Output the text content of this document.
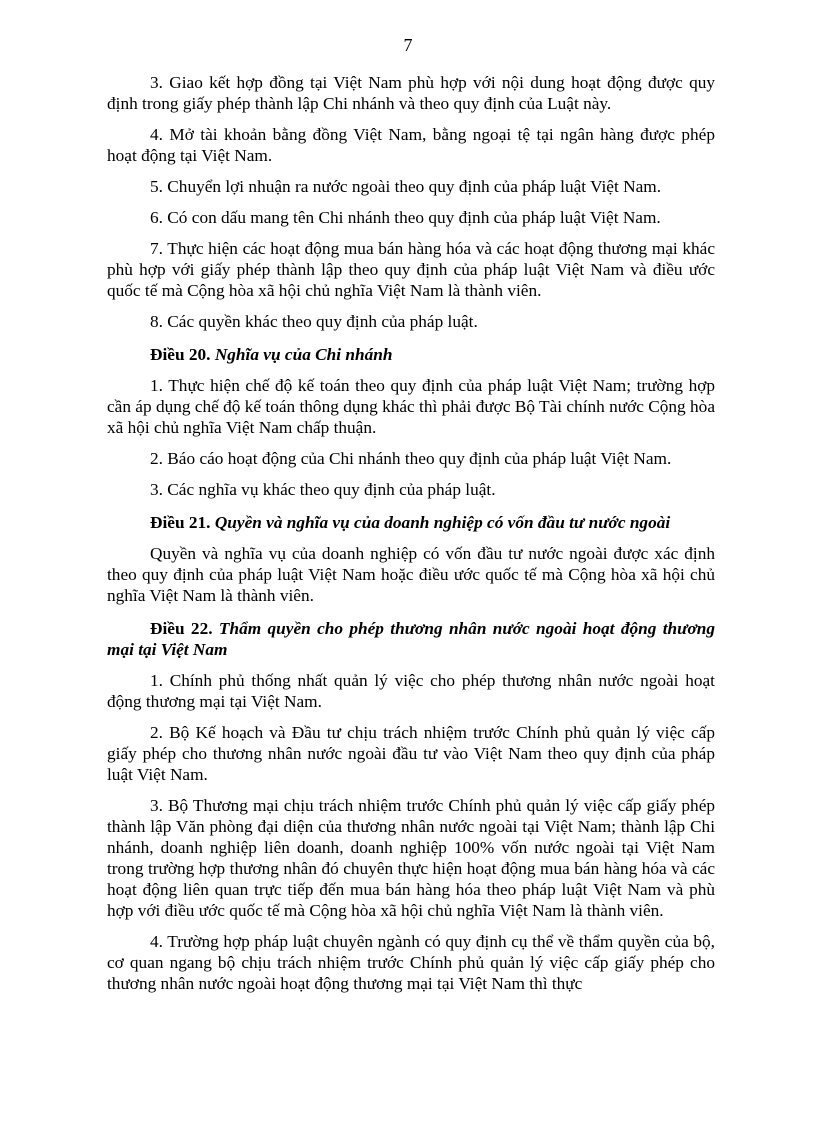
7

3. Giao kết hợp đồng tại Việt Nam phù hợp với nội dung hoạt động được quy định trong giấy phép thành lập Chi nhánh và theo quy định của Luật này.

4. Mở tài khoản bằng đồng Việt Nam, bằng ngoại tệ tại ngân hàng được phép hoạt động tại Việt Nam.

5. Chuyển lợi nhuận ra nước ngoài theo quy định của pháp luật Việt Nam.

6. Có con dấu mang tên Chi nhánh theo quy định của pháp luật Việt Nam.

7. Thực hiện các hoạt động mua bán hàng hóa và các hoạt động thương mại khác phù hợp với giấy phép thành lập theo quy định của pháp luật Việt Nam và điều ước quốc tế mà Cộng hòa xã hội chủ nghĩa Việt Nam là thành viên.

8. Các quyền khác theo quy định của pháp luật.

Điều 20. Nghĩa vụ của Chi nhánh

1. Thực hiện chế độ kế toán theo quy định của pháp luật Việt Nam; trường hợp cần áp dụng chế độ kế toán thông dụng khác thì phải được Bộ Tài chính nước Cộng hòa xã hội chủ nghĩa Việt Nam chấp thuận.

2. Báo cáo hoạt động của Chi nhánh theo quy định của pháp luật Việt Nam.

3. Các nghĩa vụ khác theo quy định của pháp luật.

Điều 21. Quyền và nghĩa vụ của doanh nghiệp có vốn đầu tư nước ngoài

Quyền và nghĩa vụ của doanh nghiệp có vốn đầu tư nước ngoài được xác định theo quy định của pháp luật Việt Nam hoặc điều ước quốc tế mà Cộng hòa xã hội chủ nghĩa Việt Nam là thành viên.

Điều 22. Thẩm quyền cho phép thương nhân nước ngoài hoạt động thương mại tại Việt Nam

1. Chính phủ thống nhất quản lý việc cho phép thương nhân nước ngoài hoạt động thương mại tại Việt Nam.

2. Bộ Kế hoạch và Đầu tư chịu trách nhiệm trước Chính phủ quản lý việc cấp giấy phép cho thương nhân nước ngoài đầu tư vào Việt Nam theo quy định của pháp luật Việt Nam.

3. Bộ Thương mại chịu trách nhiệm trước Chính phủ quản lý việc cấp giấy phép thành lập Văn phòng đại diện của thương nhân nước ngoài tại Việt Nam; thành lập Chi nhánh, doanh nghiệp liên doanh, doanh nghiệp 100% vốn nước ngoài tại Việt Nam trong trường hợp thương nhân đó chuyên thực hiện hoạt động mua bán hàng hóa và các hoạt động liên quan trực tiếp đến mua bán hàng hóa theo pháp luật Việt Nam và phù hợp với điều ước quốc tế mà Cộng hòa xã hội chủ nghĩa Việt Nam là thành viên.

4. Trường hợp pháp luật chuyên ngành có quy định cụ thể về thẩm quyền của bộ, cơ quan ngang bộ chịu trách nhiệm trước Chính phủ quản lý việc cấp giấy phép cho thương nhân nước ngoài hoạt động thương mại tại Việt Nam thì thực
